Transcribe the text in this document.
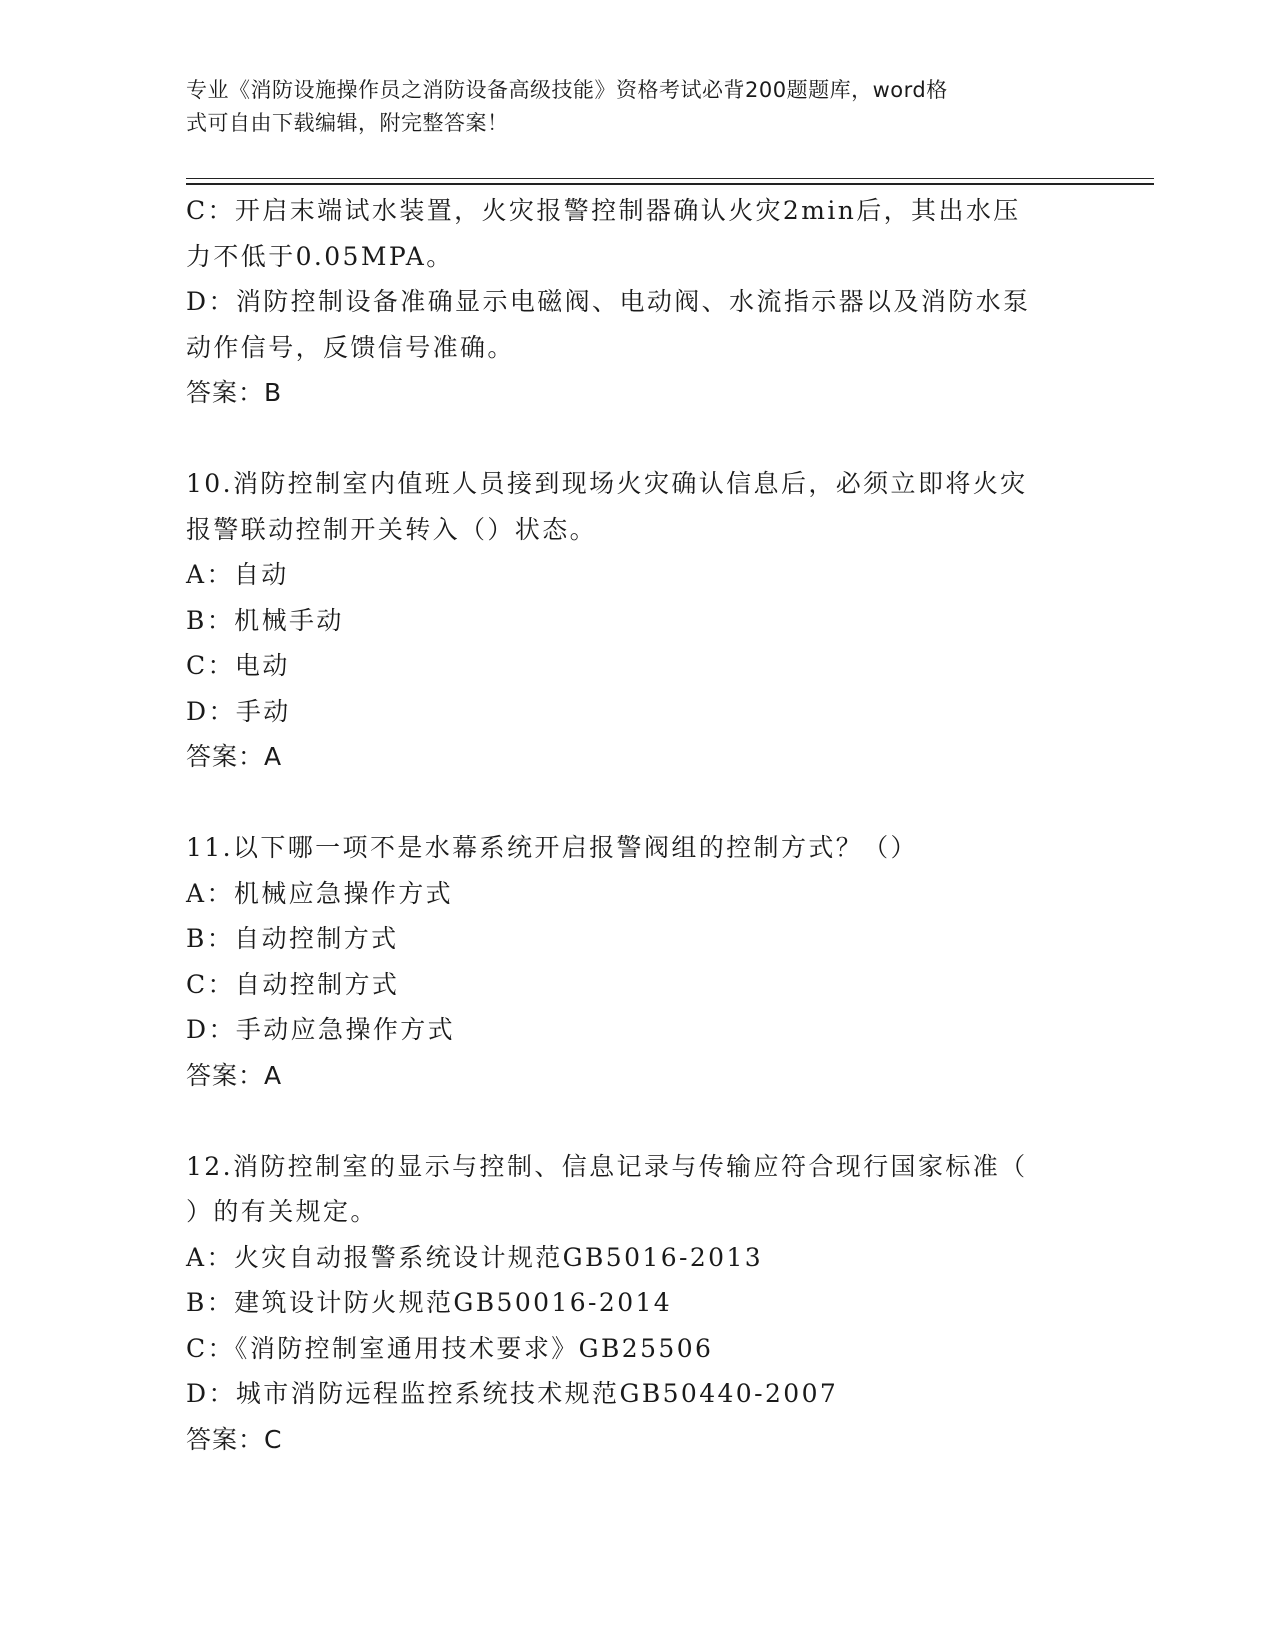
专业《消防设施操作员之消防设备高级技能》资格考试必背200题题库，word格
式可自由下载编辑，附完整答案！
C：开启末端试水装置，火灾报警控制器确认火灾2min后，其出水压
力不低于0.05MPA。
D：消防控制设备准确显示电磁阀、电动阀、水流指示器以及消防水泵
动作信号，反馈信号准确。
答案：B
10.消防控制室内值班人员接到现场火灾确认信息后，必须立即将火灾
报警联动控制开关转入（）状态。
A：自动
B：机械手动
C：电动
D：手动
答案：A
11.以下哪一项不是水幕系统开启报警阀组的控制方式？（）
A：机械应急操作方式
B：自动控制方式
C：自动控制方式
D：手动应急操作方式
答案：A
12.消防控制室的显示与控制、信息记录与传输应符合现行国家标准（
）的有关规定。
A：火灾自动报警系统设计规范GB5016-2013
B：建筑设计防火规范GB50016-2014
C：《消防控制室通用技术要求》GB25506
D：城市消防远程监控系统技术规范GB50440-2007
答案：C
